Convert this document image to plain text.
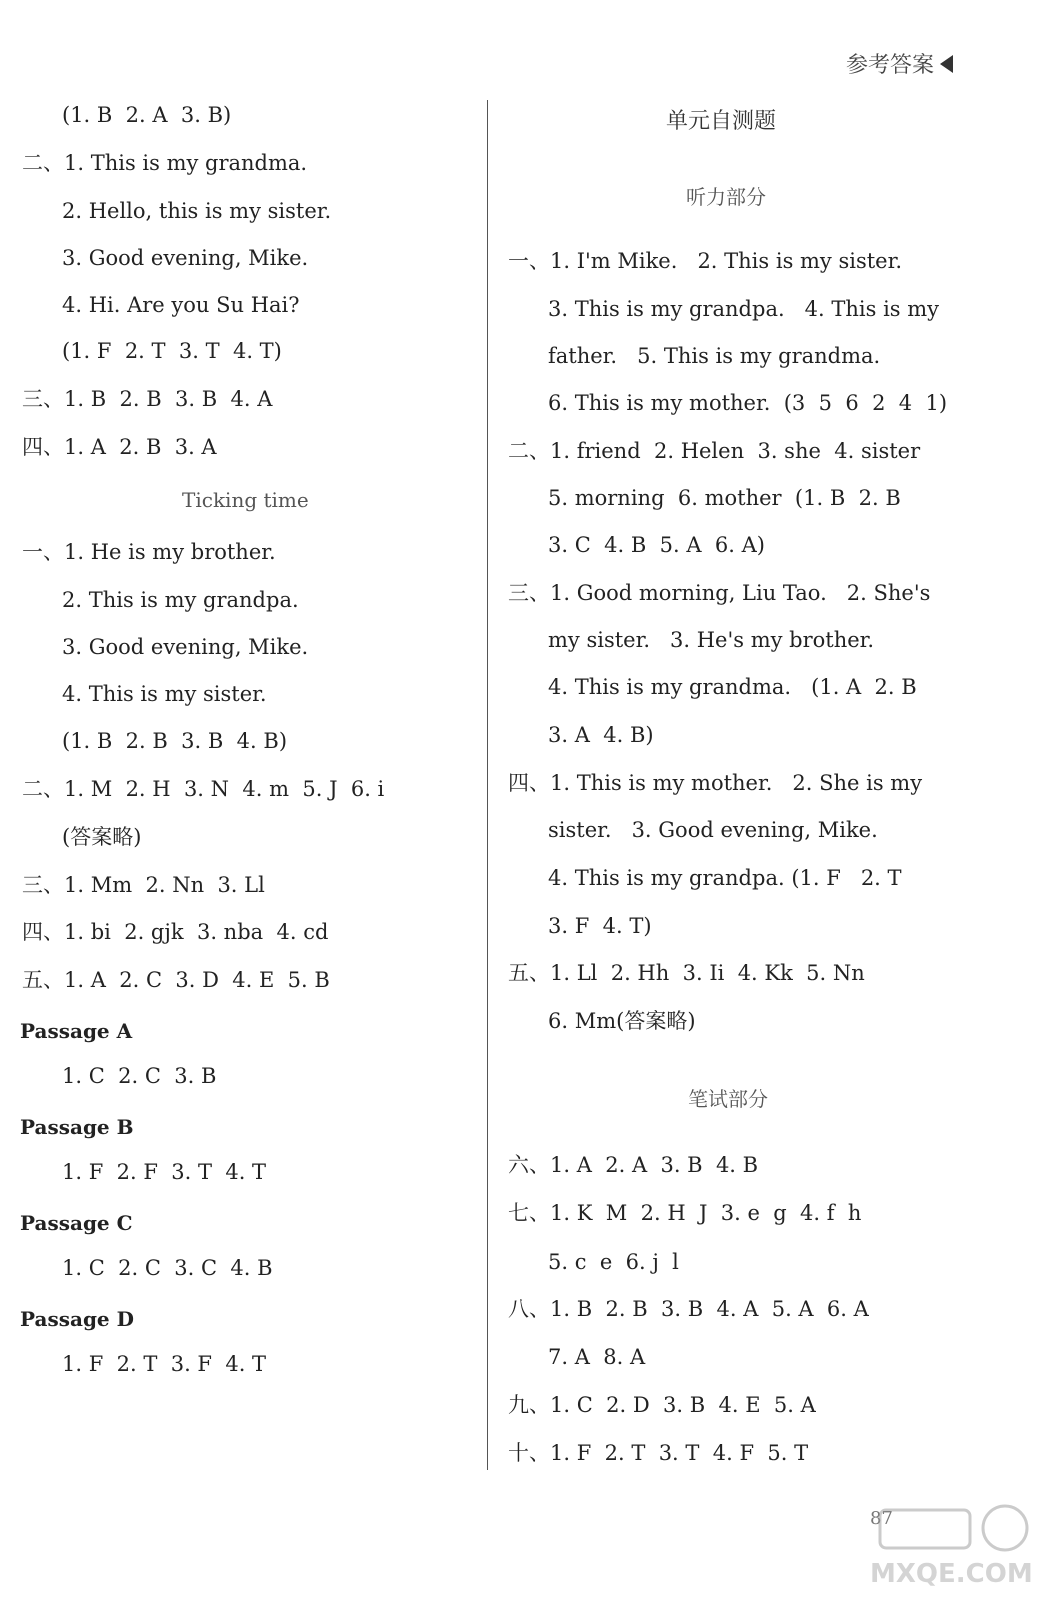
参考答案
(1. B  2. A  3. B)
二、1. This is my grandma.
2. Hello, this is my sister.
3. Good evening, Mike.
4. Hi. Are you Su Hai?
(1. F  2. T  3. T  4. T)
三、1. B  2. B  3. B  4. A
四、1. A  2. B  3. A
一、1. He is my brother.
2. This is my grandpa.
3. Good evening, Mike.
4. This is my sister.
(1. B  2. B  3. B  4. B)
二、1. M  2. H  3. N  4. m  5. J  6. i
(答案略)
三、1. Mm  2. Nn  3. Ll
四、1. bi  2. gjk  3. nba  4. cd
五、1. A  2. C  3. D  4. E  5. B
1. C  2. C  3. B
1. F  2. F  3. T  4. T
1. C  2. C  3. C  4. B
1. F  2. T  3. F  4. T
Ticking time
Passage A
Passage B
Passage C
Passage D
单元自测题
听力部分
笔试部分
一、1. I'm Mike.   2. This is my sister.
3. This is my grandpa.   4. This is my
father.   5. This is my grandma.
6. This is my mother.  (3  5  6  2  4  1)
二、1. friend  2. Helen  3. she  4. sister
5. morning  6. mother  (1. B  2. B
3. C  4. B  5. A  6. A)
三、1. Good morning, Liu Tao.   2. She's
my sister.   3. He's my brother.
4. This is my grandma.   (1. A  2. B
3. A  4. B)
四、1. This is my mother.   2. She is my
sister.   3. Good evening, Mike.
4. This is my grandpa. (1. F   2. T
3. F  4. T)
五、1. Ll  2. Hh  3. Ii  4. Kk  5. Nn
6. Mm(答案略)
六、1. A  2. A  3. B  4. B
七、1. K  M  2. H  J  3. e  g  4. f  h
5. c  e  6. j  l
八、1. B  2. B  3. B  4. A  5. A  6. A
7. A  8. A
九、1. C  2. D  3. B  4. E  5. A
十、1. F  2. T  3. T  4. F  5. T
87
MXQE.COM
